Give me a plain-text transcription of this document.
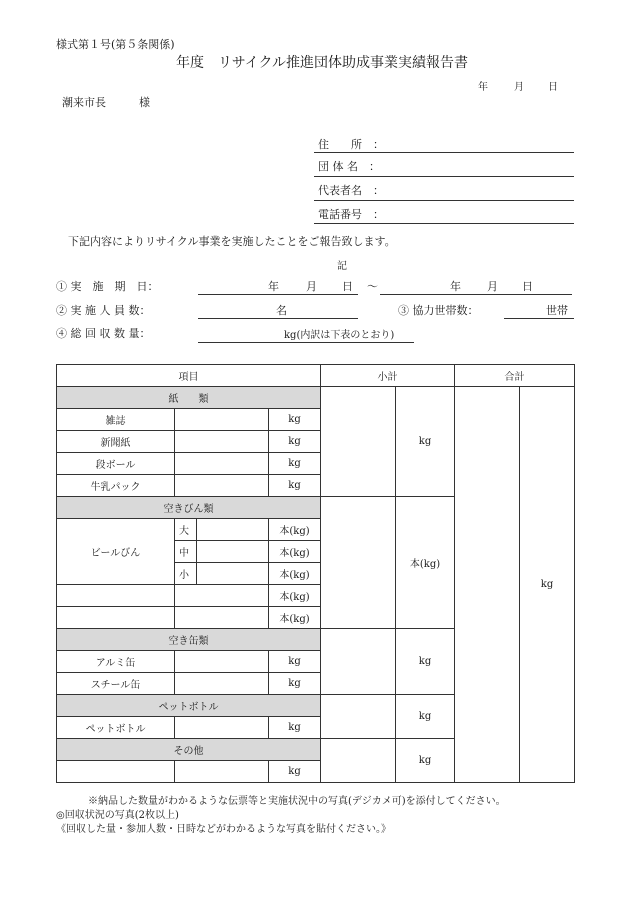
様式第１号(第５条関係)
年度　リサイクル推進団体助成事業実績報告書
年	月 日
潮来市長　　　様
住　　所　：
団 体 名　：
代表者名　：
電話番号　：
下記内容によりリサイクル事業を実施したことをご報告致します。
記
① 実　施　期　日：	年 月 日 ～	年 月 日
② 実 施 人 員 数：	名	③ 協力世帯数：	世帯
④ 総 回 収 数 量：	kg(内訳は下表のとおり)
項目				小計		合計	
紙　　類					kg		kg
雑誌			kg				
新聞紙			kg				
段ボール			kg				
牛乳パック			kg				
空きびん類					本(kg)		
ビールびん	大		本(kg)				
	中		本(kg)				
	小		本(kg)				
			本(kg)				
			本(kg)				
空き缶類					kg		
アルミ缶			kg				
スチール缶			kg				
ペットボトル					kg		
ペットボトル			kg				
その他					kg		
			kg				
※納品した数量がわかるような伝票等と実施状況中の写真(デジカメ可)を添付してください。
◎回収状況の写真(2枚以上)
《回収した量・参加人数・日時などがわかるような写真を貼付ください。》
